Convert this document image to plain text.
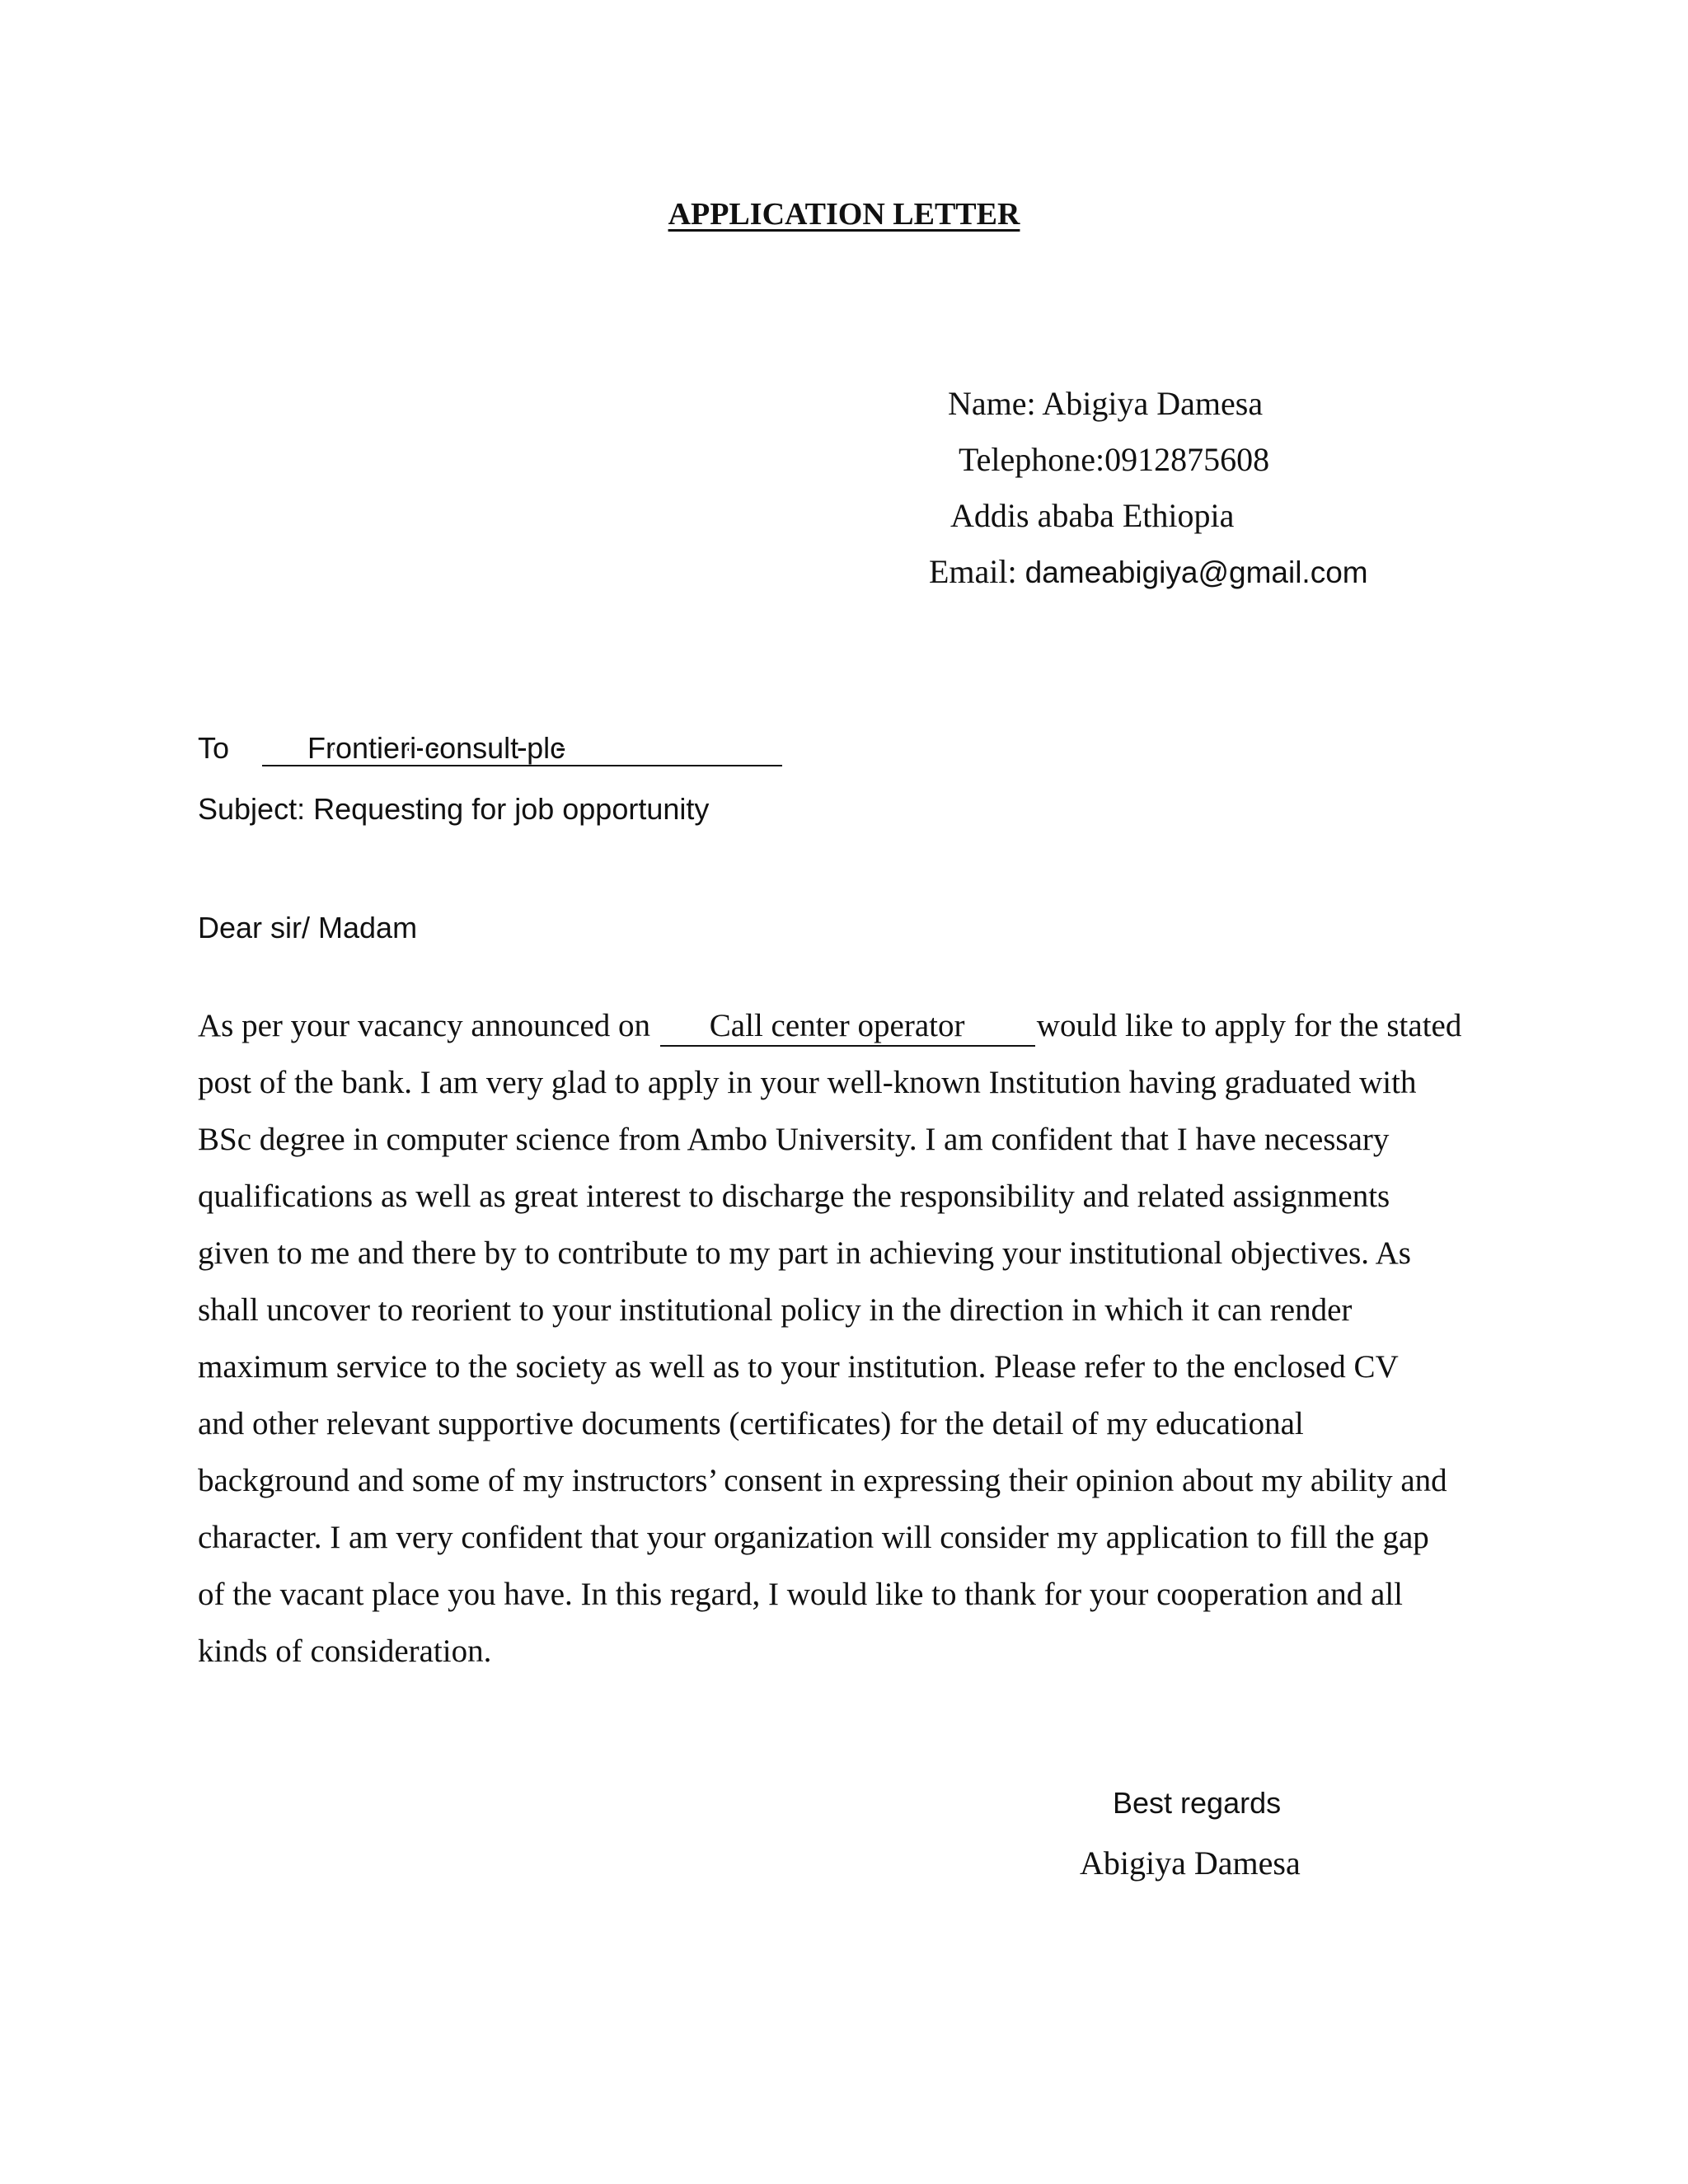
APPLICATION LETTER
Name: Abigiya Damesa
Telephone:0912875608
Addis ababa Ethiopia
Email: dameabigiya@gmail.com
To	Frontieri consult plc
Subject: Requesting for job opportunity
Dear sir/ Madam

As per your vacancy announced on Call center operator would like to apply for the stated

post of the bank. I am very glad to apply in your well-known Institution having graduated with

BSc degree in computer science from Ambo University. I am confident that I have necessary

qualifications as well as great interest to discharge the responsibility and related assignments

given to me and there by to contribute to my part in achieving your institutional objectives. As

shall uncover to reorient to your institutional policy in the direction in which it can render

maximum service to the society as well as to your institution. Please refer to the enclosed CV

and other relevant supportive documents (certificates) for the detail of my educational

background and some of my instructors’ consent in expressing their opinion about my ability and

character. I am very confident that your organization will consider my application to fill the gap

of the vacant place you have. In this regard, I would like to thank for your cooperation and all

kinds of consideration.

Best regards
Abigiya Damesa
